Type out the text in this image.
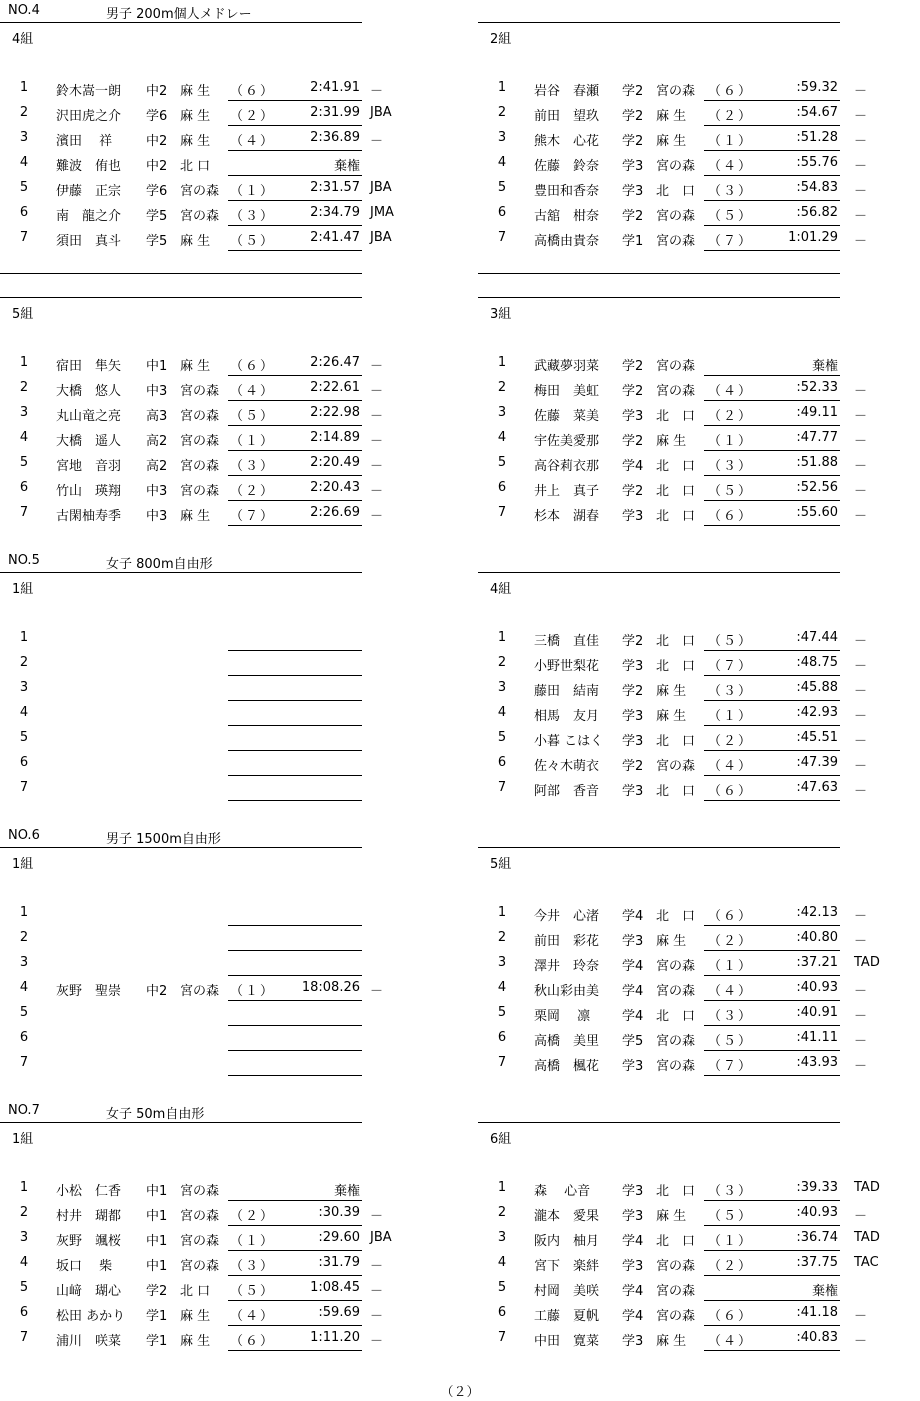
NO.4	男子 200m個人メドレー
4組
1 鈴木嵩一朗	中2 麻 生	（６）	2:41.91 －
2 沢田虎之介	学6 麻 生	（２）	2:31.99 JBA
3 濱田　 祥	中2 麻 生	（４）	2:36.89 －
4 難波　侑也	中2 北 口	棄権
5 伊藤　正宗	学6 宮の森 （１）	2:31.57 JBA
6 南　龍之介	学5 宮の森 （３）	2:34.79 JMA
7 須田　真斗	学5 麻 生	（５）	2:41.47 JBA
5組
1 宿田　隼矢	中1 麻 生	（６）	2:26.47 －
2 大橋　悠人	中3 宮の森 （４）	2:22.61 －
3 丸山竜之亮	高3 宮の森 （５）	2:22.98 －
4 大橋　遥人	高2 宮の森 （１）	2:14.89 －
5 宮地　音羽	高2 宮の森 （３）	2:20.49 －
6 竹山　瑛翔	中3 宮の森 （２）	2:20.43 －
7 古閑柚寿季	中3 麻 生	（７）	2:26.69 －
NO.5	女子 800m自由形
1組
1
2
3
4
5
6
7
NO.6	男子 1500m自由形
1組
1
2
3
4 灰野　聖崇	中2 宮の森 （１）	18:08.26 －
5
6
7
NO.7	女子 50m自由形
1組
1 小松　仁香	中1 宮の森	棄権
2 村井　瑚都	中1 宮の森 （２）	:30.39 －
3 灰野　颯桜	中1 宮の森 （１）	:29.60 JBA
4 坂口　 柴	中1 宮の森 （３）	:31.79 －
5 山﨑　瑚心	学2 北 口	（５）	1:08.45 －
6 松田 あかり	学1 麻 生	（４）	:59.69 －
7 浦川　咲菜	学1 麻 生	（６）	1:11.20 －
2組
1 岩谷　春瀬	学2 宮の森 （６）	:59.32 －
2 前田　望玖	学2 麻 生	（２）	:54.67 －
3 熊木　心花	学2 麻 生	（１）	:51.28 －
4 佐藤　鈴奈	学3 宮の森 （４）	:55.76 －
5 豊田和香奈	学3 北　口 （３）	:54.83 －
6 古舘　柑奈	学2 宮の森 （５）	:56.82 －
7 高橋由貴奈	学1 宮の森 （７）	1:01.29 －
3組
1 武藏夢羽菜	学2 宮の森	棄権
2 梅田　美虹	学2 宮の森 （４）	:52.33 －
3 佐藤　菜美	学3 北　口 （２）	:49.11 －
4 宇佐美愛那	学2 麻 生	（１）	:47.77 －
5 高谷莉衣那	学4 北　口 （３）	:51.88 －
6 井上　真子	学2 北　口 （５）	:52.56 －
7 杉本　湖春	学3 北　口 （６）	:55.60 －
4組
1 三橋　直佳	学2 北　口 （５）	:47.44 －
2 小野世梨花	学3 北　口 （７）	:48.75 －
3 藤田　結南	学2 麻 生	（３）	:45.88 －
4 相馬　友月	学3 麻 生	（１）	:42.93 －
5 小暮 こはく	学3 北　口 （２）	:45.51 －
6 佐々木萌衣	学2 宮の森 （４）	:47.39 －
7 阿部　香音	学3 北　口 （６）	:47.63 －
5組
1 今井　心渚	学4 北　口 （６）	:42.13 －
2 前田　彩花	学3 麻 生	（２）	:40.80 －
3 澤井　玲奈	学4 宮の森 （１）	:37.21 TAD
4 秋山彩由美	学4 宮の森 （４）	:40.93 －
5 栗岡　 凛	学4 北　口 （３）	:40.91 －
6 高橋　美里	学5 宮の森 （５）	:41.11 －
7 高橋　楓花	学3 宮の森 （７）	:43.93 －
6組
1 森　 心音	学3 北　口 （３）	:39.33 TAD
2 瀧本　愛果	学3 麻 生	（５）	:40.93 －
3 阪内　柚月	学4 北　口 （１）	:36.74 TAD
4 宮下　楽絆	学3 宮の森 （２）	:37.75 TAC
5 村岡　美咲	学4 宮の森	棄権
6 工藤　夏帆	学4 宮の森 （６）	:41.18 －
7 中田　寛菜	学3 麻 生	（４）	:40.83 －
（２）
